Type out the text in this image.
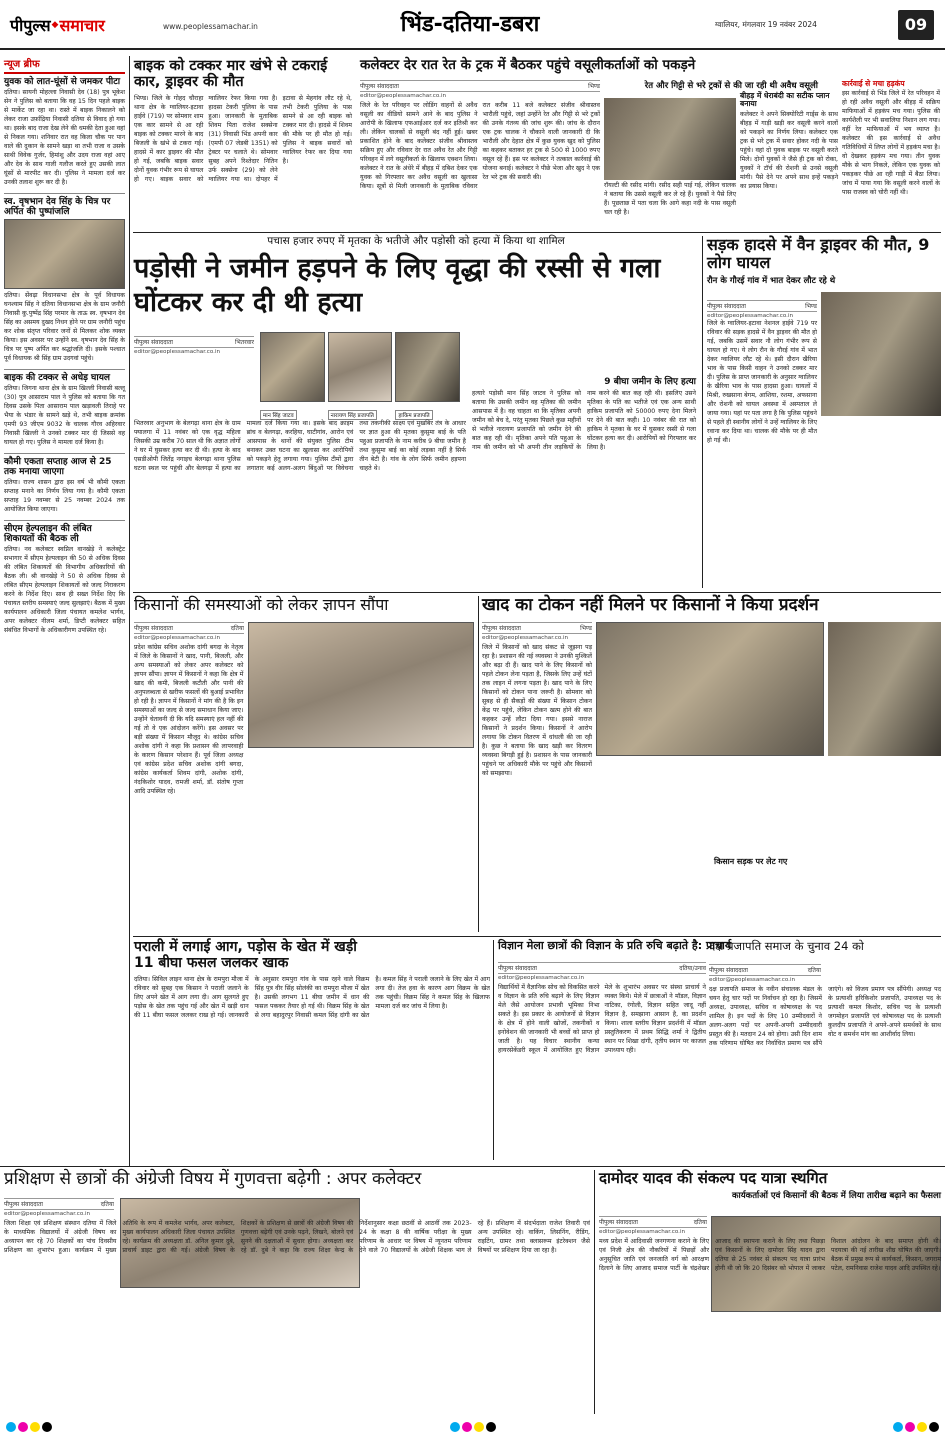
पीपुल्स ◆ समाचार	www.peoplessamachar.in	भिंड-दतिया-डबरा	ग्वालियर, मंगलवार 19 नवंबर 2024	09
न्यूज ब्रीफ
युवक को लात-घूंसों से जमकर पीटा
दतिया। सायनी मोहल्ला निवासी देव (18) पुत्र भूकेश सेन ने पुलिस को बताया कि वह 15 दिन पहले बाइक से मार्केट जा रहा था। रास्ते में बाइक निकालने को लेकर राजा उर्फ़ाद्रिया निवासी दतिया से विवाद हो गया था। इसके बाद राजा देख लेने की धमकी देता हुआ वहां से निकल गया। शनिवार रात वह किला चौक पर पान वाले की दुकान के सामने खड़ा था तभी राजा व उसके साथी विवेक गुर्जर, हिमांशु और उदय राजा वहां आए और देव के साथ गाली गलौज करते हुए उसकी लात घूंसों से मारपीट कर दी। पुलिस ने मामला दर्ज कर उनकी तलाश शुरू कर दी है।
स्व. वृषभान देव सिंह के चित्र पर अर्पित की पुष्पांजलि
दतिया। सेंवढ़ा विधानसभा क्षेत्र के पूर्व विधायक घनश्याम सिंह ने दतिया विधानसभा क्षेत्र के ग्राम जनौरी निवासी कु.पुष्पेंद्र सिंह परमार के ताऊ स्व. वृषभान देव सिंह का असमय दुखद निधन होने पर ग्राम जनौरी पहुंच कर शोक संतृप्त परिवार जनों से मिलकर शोक व्यक्त किया। इस अवसर पर उन्होंने स्व. वृषभान देव सिंह के चित्र पर पुष्प अर्पित कर श्रद्धांजलि दी। इसके पश्चात पूर्व विधायक श्री सिंह ग्राम उदगवां पहुंचे।
बाइक की टक्कर से अधेड़ घायल
दतिया। जिगना थाना क्षेत्र के ग्राम खिल्ली निवासी बल्लू (30) पुत्र आसाराम पाल ने पुलिस को बताया कि गत दिवस उसके पिता आसाराम पाल खड़ावली तिराहे पर भैया के भंडार के सामने खड़े थे, तभी बाइक क्रमांक एमपी 93 जीएम 9032 के चालक गौरव अहिरवार निवासी खिल्ली ने उनको टक्कर मार दी जिससे वह घायल हो गए। पुलिस ने मामला दर्ज किया है।
कौमी एकता सप्ताह आज से 25 तक मनाया जाएगा
दतिया। राज्य शासन द्वारा इस वर्ष भी कौमी एकता सप्ताह मनाने का निर्णय लिया गया है। कौमी एकता सप्ताह 19 नवम्बर से 25 नवम्बर 2024 तक आयोजित किया जाएगा।
सीएम हेल्पलाइन की लंबित शिकायतों की बैठक ली
दतिया। नव कलेक्टर स्वप्निल वानखेड़े ने कलेक्ट्रेट सभागार में सीएम हेल्पलाइन की 50 से अधिक दिवस की लंबित शिकायतों की विभागीय अधिकारियों की बैठक ली। श्री वानखेड़े ने 50 से अधिक दिवस से लंबित सीएम हेल्पलाइन शिकायतों को जल्द निराकरण करने के निर्देश दिए। साथ ही सख्त निर्देश दिए कि पंचायत स्तरीय समस्याएं जल्द सुलझाएं। बैठक में मुख्य कार्यपालन अधिकारी जिला पंचायत कमलेश भार्गव, अपर कलेक्टर नीलम शर्मा, डिप्टी कलेक्टर सहित संबंधित विभागों के अधिकारीगण उपस्थित रहे।
बाइक को टक्कर मार खंभे से टकराई कार, ड्राइवर की मौत
भिण्ड। जिले के गोहद चौराहा थाना क्षेत्र के ग्वालियर-इटावा हाईवे (719) पर सोमवार शाम एक कार सामने से आ रही बाइक को टक्कर मारने के बाद बिजली के खंभे से टकरा गई। हादसे में कार ड्राइवर की मौत हो गई, जबकि बाइक सवार दोनों युवक गंभीर रूप से घायल हो गए। बाइक सवार को ग्वालियर रेफर किया गया है। हादसा टेकरी पुलिया के पास हुआ। जानकारी के मुताबिक शिवम पिता राजेश सक्सेना (31) निवासी भिंड अपनी कार (एमपी 07 जेडबी 1351) को ट्रेक्टर पर चलाते थे। सोमवार सुबह अपने रिश्तेदार नितिन उर्फ सक्सेना (29) को लेने ग्वालियर गया था। दोपहर में इटावा से मेहगांव लौट रहे थे, तभी टेकरी पुलिया के पास सामने से आ रही बाइक को टक्कर मार दी। हादसे में शिवम की मौके पर ही मौत हो गई। पुलिस ने बाइक सवारों को ग्वालियर रेफर कर दिया गया है।
कलेक्टर देर रात रेत के ट्रक में बैठकर पहुंचे वसूलीकर्ताओं को पकड़ने
पीपुल्स संवाददाता	भिण्ड
editor@peoplessamachar.co.in
जिले के रेत परिवहन पर लोडिंग वाहनों से अवैध वसूली का वीडियो सामने आने के बाद पुलिस ने आरोपी के खिलाफ एफआईआर दर्ज कर इतिश्री कर ली। लेकिन चालकों से वसूली बंद नहीं हुई। खबर प्रकाशित होने के बाद कलेक्टर संजीव श्रीवास्तव सक्रिय हुए और रविवार देर रात अवैध रेत और गिट्टी परिवहन में लगे वसूलीकर्ता के खिलाफ एक्शन लिया। कलेक्टर ने रात के अंधेरे में बीहड़ में दबिश देकर एक युवक को गिरफ्तार कर अवैध वसूली का खुलासा किया। सूत्रों से मिली जानकारी के मुताबिक रविवार रात करीब 11 बजे कलेक्टर संजीव श्रीवास्तव भारौली पहुंचे, जहां उन्होंने रेत और गिट्टी से भरे ट्रकों की उनके गंतव्य की जांच शुरू की। जांच के दौरान एक ट्रक चालक ने चौकाने वाली जानकारी दी कि भारौली और देहात क्षेत्र में कुछ युवक खुद को पुलिस का कहकर बताकर हर ट्रक से 500 से 1000 रुपए वसूल रहे हैं। इस पर कलेक्टर ने तत्काल कार्रवाई की योजना बनाई। कलेक्टर ने पीछे भेजा और खुद ने एक रेत भरे ट्रक की सवारी की।
रेत और गिट्टी से भरे ट्रकों से की जा रही थी अवैध वसूली
रॉयल्टी की रसीद मांगी। रसीद सही पाई गई, लेकिन चालक ने बताया कि उससे वसूली कर ले रहे हैं। युवकों ने पैसे लिए हैं। पूछताछ में पता चला कि आगे कहा नदी के पास वसूली चल रही है।
बीहड़ में धेराबंदी का सटीक प्लान बनाया
कलेक्टर ने अपने सिक्योरिटी गार्ड्स के साथ बीहड़ में गाड़ी खड़ी कर वसूली करने वालों को पकड़ने का निर्णय लिया। कलेक्टर एक ट्रक से भरे ट्रक में सवार होकर नदी के पास पहुंचे। वहां दो युवक बाइक पर वसूली करते मिले। दोनों युवकों ने जैसे ही ट्रक को रोका, युवकों ने टॉर्च की रोशनी से उनसे वसूली मांगी। पैसे देने पर अपने साथ इन्हें पकड़ने का प्रयास किया।
कार्रवाई से मचा हड़कंप
इस कार्रवाई से भिंड जिले में रेत परिवहन में हो रही अवैध वसूली और बीहड़ में सक्रिय माफियाओं में हड़कंप मच गया। पुलिस की कार्यशैली पर भी सवालिया निशान लग गया। वहीं रेत माफियाओं में भय व्याप्त है। कलेक्टर की इस कार्रवाई से अवैध गतिविधियों में लिप्त लोगों में हड़कंप मचा है। वो देखकर हड़कंप मच गया। तीन युवक मौके से भाग निकले, लेकिन एक युवक को पकड़कर पीछे आ रही गाड़ी में बैठा लिया। जांच में पाया गया कि वसूली करने वालों के पास राजस्व को चोरी नहीं थी।
पचास हजार रुपए में मृतका के भतीजे और पड़ोसी को हत्या में किया था शामिल
पड़ोसी ने जमीन हड़पने के लिए वृद्धा की रस्सी से गला घोंटकर कर दी थी हत्या
पीपुल्स संवाददाता	भितरवार
editor@peoplessamachar.co.in
मान सिंह जाटव	नारायण सिंह प्रजापति	हाकिम प्रजापति
9 बीघा जमीन के लिए हत्या
भितरवार अनुभाग के बेलगढ़ा थाना क्षेत्र के ग्राम फ्यालगा में 11 नवंबर को एक वृद्ध महिला जिसकी उम्र करीब 70 साल थी कि अज्ञात लोगों ने घर में घुसकर हत्या कर दी थी। हत्या के बाद एसडीओपी जितेंद्र नगाइच बेलगढ़ा थाना पुलिस घटना स्थल पर पहुंची और बेलगढ़ा में हत्या का मामला दर्ज किया गया था। इसके बाद क्राइम ब्रांच व बेलगढ़ा, करहिया, घाटीगांव, आरोन एवं आसपास के थानों की संयुक्त पुलिस टीम बनाकर उक्त घटना का खुलासा कर आरोपियों को पकड़ने हेतु लगाया गया। पुलिस टीमों द्वारा लगातार कई अलग-अलग बिंदुओं पर विवेचना तथा तकनीकी साक्ष्य एवं मुखबिर तंत्र के आधार पर ज्ञात हुआ की मृतका कुसुमा बाई के पति पहुआ प्रजापति के नाम करीब 9 बीघा जमीन है तथा कुसुमा बाई का कोई लड़का नहीं है सिर्फ तीन बेटी है। गांव के लोग सिर्फ जमीन हड़पना चाहते थे।
हत्यारे पड़ोसी मान सिंह जाटव ने पुलिस को बताया कि उसकी जमीन वह मृतिका की जमीन आसपास में है। वह चाहता था कि मृतिका अपनी जमीन को बेच दे, परंतु मृतका पिछले कुछ महीनों से भतीजे नारायण प्रजापति को जमीन देने की बात कह रही थी। मृतिका अपने पति पहुआ के नाम की जमीन को भी अपनी तीन लड़कियों के नाम करने की बात कह रही थी। इसलिए उसने मृतिका के पति का भतीजे एवं एक अन्य साथी हाकिम प्रजापति को 50000 रुपए देना मिलने पर देने की बात कही। 10 नवंबर की रात को हाकिम ने मृतका के घर में घुसकर रस्सी से गला घोंटकर हत्या कर दी। आरोपियों को गिरफ्तार कर लिया है।
सड़क हादसे में वैन ड्राइवर की मौत, 9 लोग घायल
रौन के गौरई गांव में भात देकर लौट रहे थे
पीपुल्स संवाददाता	भिण्ड
editor@peoplessamachar.co.in
जिले के ग्वालियर-इटावा नेशनल हाईवे 719 पर रविवार की सड़क हादसे में वैन ड्राइवर की मौत हो गई, जबकि उसमें सवार नौ लोग गंभीर रूप से घायल हो गए। ये लोग रौन के गौरई गांव में भात देकर ग्वालियर लौट रहे थे। इसी दौरान खैरिया भाव के पास किसी वाहन ने उनको टक्कर मार दी। पुलिस के प्राप्त जानकारी के अनुसार ग्वालियर के खैरिया भाव के पास हादसा हुआ। घायलों में मिश्री, रुखसाना बेगम, आशिया, रशमा, अफसाना और रोशनी को घायल अवस्था में अस्पताल ले जाया गया। यहां पर पता लगा है कि पुलिस पहुंचने से पहले ही स्थानीय लोगों ने उन्हें ग्वालियर के लिए रवाना कर दिया था। चालक की मौके पर ही मौत हो गई थी।
किसानों की समस्याओं को लेकर ज्ञापन सौंपा
पीपुल्स संवाददाता	दतिया
editor@peoplessamachar.co.in
प्रदेश कांग्रेस सचिव अशोक दांगी बगदा के नेतृत्व में जिले के किसानों ने खाद, पानी, बिजली, और अन्य समस्याओं को लेकर अपर कलेक्टर को ज्ञापन सौंपा। ज्ञापन में किसानों ने कहा कि क्षेत्र में खाद की कमी, बिजली कटौती और पानी की अनुपलब्धता से खरीफ फसलों की बुआई प्रभावित हो रही है। ज्ञापन में किसानों ने मांग की है कि इन समस्याओं का जल्द से जल्द समाधान किया जाए। उन्होंने चेतावनी दी कि यदि समस्याएं हल नहीं की गई तो वे एक आंदोलन करेंगे। इस अवसर पर बड़ी संख्या में किसान मौजूद थे। कांग्रेस सचिव अशोक दांगी ने कहा कि प्रशासन की लापरवाही के कारण किसान परेशान हैं। पूर्व जिला अध्यक्ष एवं कांग्रेस प्रदेश सचिव अशोक दांगी बगदा, कांग्रेस कार्यकर्ता शिवम दांगी, अशोक दांगी, नंदकिशोर यादव, रामजी शर्मा, डॉ. संतोष गुप्ता आदि उपस्थित रहे।
खाद का टोकन नहीं मिलने पर किसानों ने किया प्रदर्शन
पीपुल्स संवाददाता	भिण्ड
editor@peoplessamachar.co.in
जिले में किसानों को खाद संकट से जूझना पड़ रहा है। प्रशासन की नई व्यवस्था ने उनकी मुश्किलें और बढ़ा दी हैं। खाद पाने के लिए किसानों को पहले टोकन लेना पड़ता है, जिसके लिए उन्हें घंटों तक लाइन में लगना पड़ता है। खाद पाने के लिए किसानों को टोकन पाना जरूरी है। सोमवार को सुबह से ही सैकड़ों की संख्या में किसान टोकन केंद्र पर पहुंचे, लेकिन टोकन खत्म होने की बात कहकर उन्हें लौटा दिया गया। इससे नाराज किसानों ने प्रदर्शन किया। किसानों ने आरोप लगाया कि टोकन वितरण में धांधली की जा रही है। कुछ ने बताया कि खाद खड़ी कर वितरण व्यवस्था बिगड़ी हुई है। प्रशासन के पास जानकारी पहुंचने पर अधिकारी मौके पर पहुंचे और किसानों को समझाया।
किसान सड़क पर लेट गए
पराली में लगाई आग, पड़ोस के खेत में खड़ी 11 बीघा फसल जलकर खाक
दतिया। सिविल लाइन थाना क्षेत्र के रामपुरा मौजा में रविवार को सुबह एक किसान ने पराली जलाने के लिए अपने खेत में आग लगा दी। आग सुलगते हुए पड़ोस के खेत तक पहुंच गई और खेत में खड़ी धान की 11 बीघा फसल जलकर राख हो गई। जानकारी के अनुसार रामपुरा गांव के पास रहने वाले विक्रम सिंह पुत्र वीर सिंह सोलंकी का रामपुरा मौजा में खेत है। उसकी लगभग 11 बीघा जमीन में धान की फसल पककर तैयार हो गई थी। विक्रम सिंह के खेत से लगा बहादुरपुर निवासी कमल सिंह दांगी का खेत है। कमल सिंह ने पराली जलाने के लिए खेत में आग लगा दी। तेज हवा के कारण आग विक्रम के खेत तक पहुंची। विक्रम सिंह ने कमल सिंह के खिलाफ मामला दर्ज कर जांच में लिया है।
विज्ञान मेला छात्रों की विज्ञान के प्रति रुचि बढ़ाते है: प्राचार्य
पीपुल्स संवाददाता	दतिया/उनाव
editor@peoplessamachar.co.in
विद्यार्थियों में वैज्ञानिक सोच को विकसित करने व विज्ञान के प्रति रुचि बढ़ाने के लिए विज्ञान मेले जैसे आयोजन प्रभावी भूमिका निभा सकते है। इस प्रकार के आयोजनों से विज्ञान के क्षेत्र में होने वाली खोजों, तकनीकों व इनोवेशन की जानकारी भी बच्चों को प्राप्त हो जाती है। यह विचार स्थानीय कन्या हायरसेकेंडरी स्कूल में आयोजित हुए विज्ञान मेले के शुभारंभ अवसर पर संस्था प्राचार्य ने व्यक्त किये। मेले में छात्राओं ने मॉडल, विज्ञान नाटिका, रंगोली, विज्ञान सहित जादू नहीं विज्ञान है, समझाना आसान है, का प्रदर्शन किया। शाला स्तरीय विज्ञान प्रदर्शनी में मॉडल प्रस्तुतिकरण में प्रथम सिद्धि शर्मा ने द्वितीय स्थान पर शिखा दांगी, तृतीय स्थान पर काजल उपाध्याय रही।
दक्ष प्रजापति समाज के चुनाव 24 को
पीपुल्स संवाददाता	दतिया
editor@peoplessamachar.co.in
दक्ष प्रजापति समाज के नवीन संचालक मंडल के चयन हेतु चार पदों पर निर्वाचन हो रहा है। जिसमें अध्यक्ष, उपाध्यक्ष, सचिव व कोषाध्यक्ष के पद शामिल है। इन पदों के लिए 10 उम्मीदवारों ने अलग-अलग पदों पर अपनी-अपनी उम्मीदवारी प्रस्तुत की है। मतदान 24 को होगा। उसी दिन शाम तक परिणाम घोषित कर निर्वाचित प्रमाण पत्र सौंपे जाएंगे। को विजय प्रमाण पत्र सौंपेगी। अध्यक्ष पद के प्रत्याशी हरिकिशोर प्रजापति, उपाध्यक्ष पद के प्रत्याशी कमल किशोर, सचिव पद के प्रत्याशी जगमोहन प्रजापति एवं कोषाध्यक्ष पद के प्रत्याशी कुलदीप प्रजापति ने अपने-अपने समर्थकों के साथ वोट व समर्थन मांग का आशीर्वाद लिया।
प्रशिक्षण से छात्रों की अंग्रेजी विषय में गुणवत्ता बढ़ेगी : अपर कलेक्टर
पीपुल्स संवाददाता	दतिया
editor@peoplessamachar.co.in
जिला शिक्षा एवं प्रशिक्षण संस्थान दतिया में जिले के माध्यमिक विद्यालयों में अंग्रेजी विषय का अध्यापन कर रहे 70 शिक्षकों का पांच दिवसीय प्रशिक्षण का शुभारंभ हुआ। कार्यक्रम में मुख्य अतिथि के रूप में कमलेश भार्गव, अपर कलेक्टर, मुख्य कार्यपालन अधिकारी जिला पंचायत उपस्थित रहे। कार्यक्रम की अध्यक्षता डॉ. अनिल कुमार दुबे, प्राचार्य डाइट द्वारा की गई। अंग्रेजी विषय के शिक्षकों के प्रशिक्षण से छात्रों की अंग्रेजी विषय की गुणवत्ता बढ़ेगी एवं उनके पढ़ने, लिखने, बोलने एवं सुनने की दक्षताओं में सुधार होगा। अध्यक्षता कर रहे डॉ. दुबे ने कहा कि राज्य शिक्षा केन्द्र के निर्देशानुसार कक्षा छठवीं से आठवीं तक 2023-24 के कक्षा 8 की वार्षिक परीक्षा के मुख्य परिणाम के आधार पर विषय में न्यूनतम परिणाम देने वाले 70 विद्यालयों के अंग्रेजी शिक्षक भाग ले रहे हैं। प्रशिक्षण में संदर्भदाता राजेश तिवारी एवं अन्य उपस्थित रहे। वाकिंग, लिसनिंग, रीडिंग, राइटिंग, ग्रामर तथा क्लासरूम इंटरेक्शन जैसे विषयों पर प्रशिक्षण दिया जा रहा है।
दामोदर यादव की संकल्प पद यात्रा स्थगित
कार्यकर्ताओं एवं किसानों की बैठक में लिया तारीख बढ़ाने का फैसला
पीपुल्स संवाददाता	दतिया
editor@peoplessamachar.co.in
मध्य प्रदेश में आदिवासी जनगणना कराने के लिए एवं निजी क्षेत्र की नौकरियों में पिछड़ों और अनुसूचित जाति एवं जनजाति वर्ग को आरक्षण दिलाने के लिए आजाद समाज पार्टी के चंद्रशेखर आजाद की स्थापना कराने के लिए तथा पिछड़ा एवं किसानों के लिए दामोदर सिंह यादव द्वारा दतिया से 25 नवंबर से संकल्प पद यात्रा प्रारंभ होनी थी जो कि 20 दिसंबर को भोपाल में जाकर विशाल आंदोलन के बाद समाप्त होनी थी। पदयात्रा की नई तारीख शीघ्र घोषित की जाएगी। बैठक में प्रमुख रूप से कार्यकर्ता, किसान, जगराम पटेल, रामनिवास राजेश यादव आदि उपस्थित रहे।
